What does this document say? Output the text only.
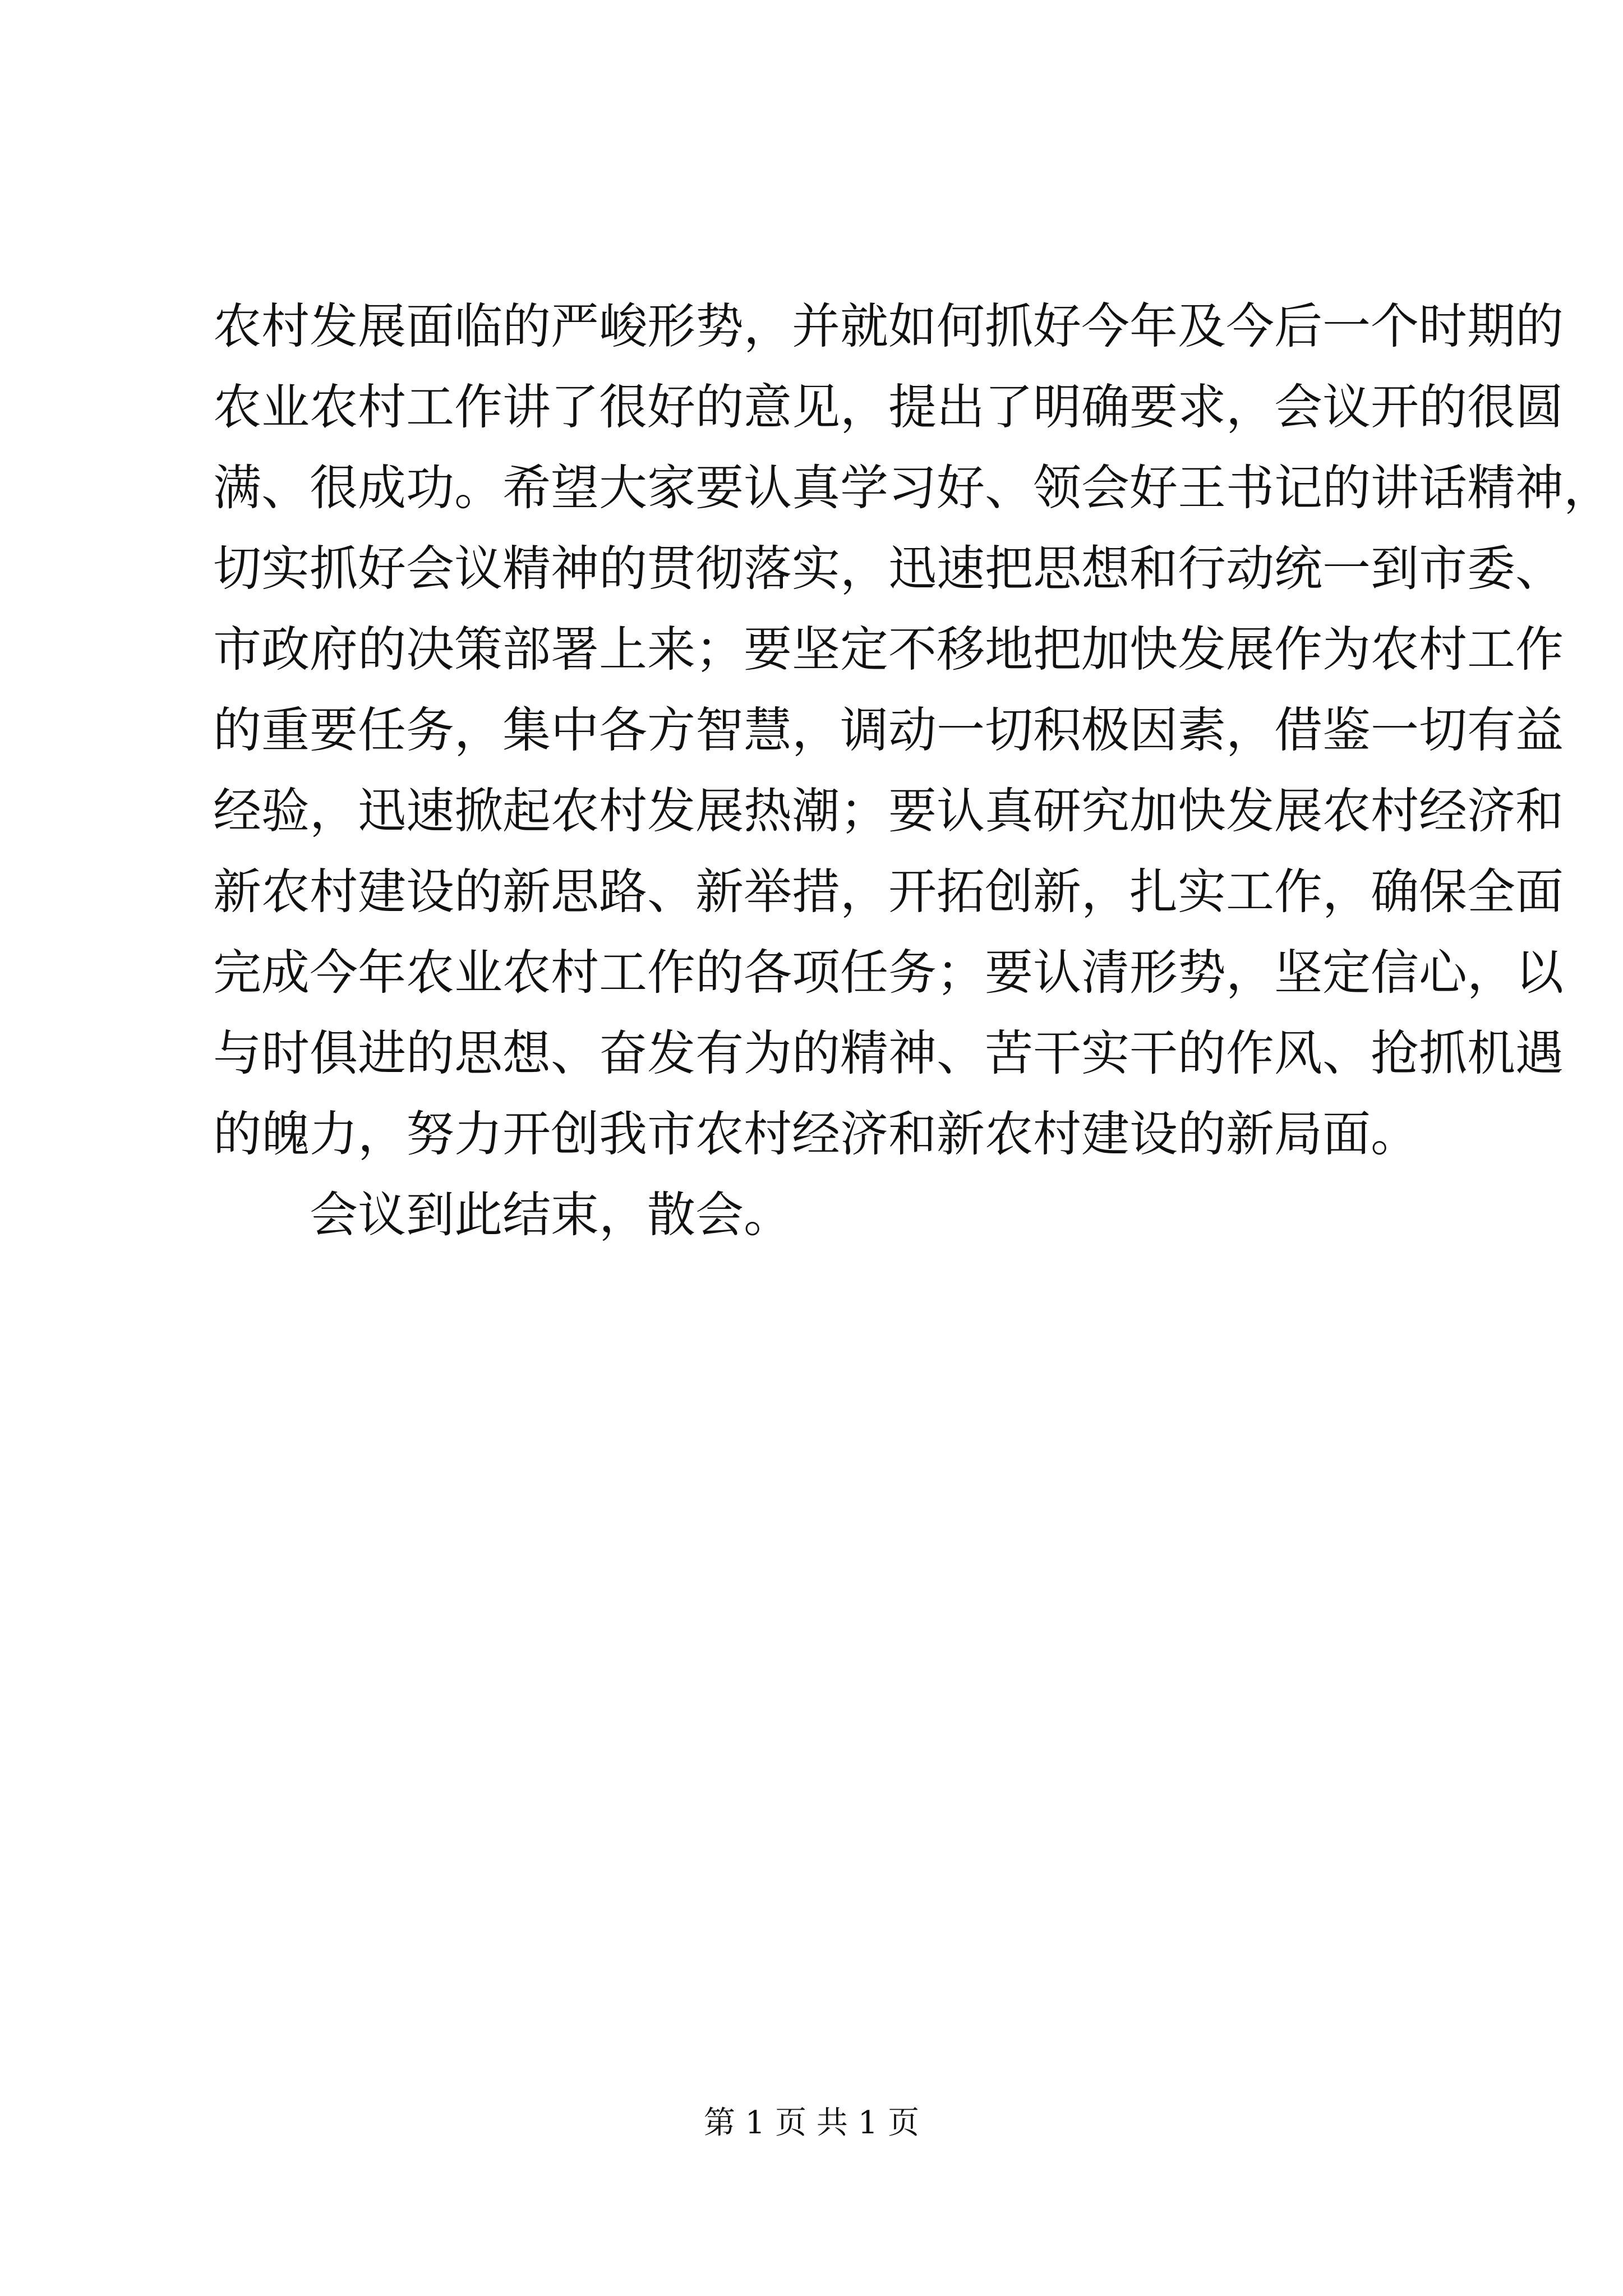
农村发展面临的严峻形势，并就如何抓好今年及今后一个时期的
农业农村工作讲了很好的意见，提出了明确要求，会议开的很圆
满、很成功。希望大家要认真学习好、领会好王书记的讲话精神，
切实抓好会议精神的贯彻落实，迅速把思想和行动统一到市委、
市政府的决策部署上来；要坚定不移地把加快发展作为农村工作
的重要任务，集中各方智慧，调动一切积极因素，借鉴一切有益
经验，迅速掀起农村发展热潮；要认真研究加快发展农村经济和
新农村建设的新思路、新举措，开拓创新，扎实工作，确保全面
完成今年农业农村工作的各项任务；要认清形势，坚定信心，以
与时俱进的思想、奋发有为的精神、苦干实干的作风、抢抓机遇
的魄力，努力开创我市农村经济和新农村建设的新局面。
会议到此结束，散会。
第 1 页 共 1 页
